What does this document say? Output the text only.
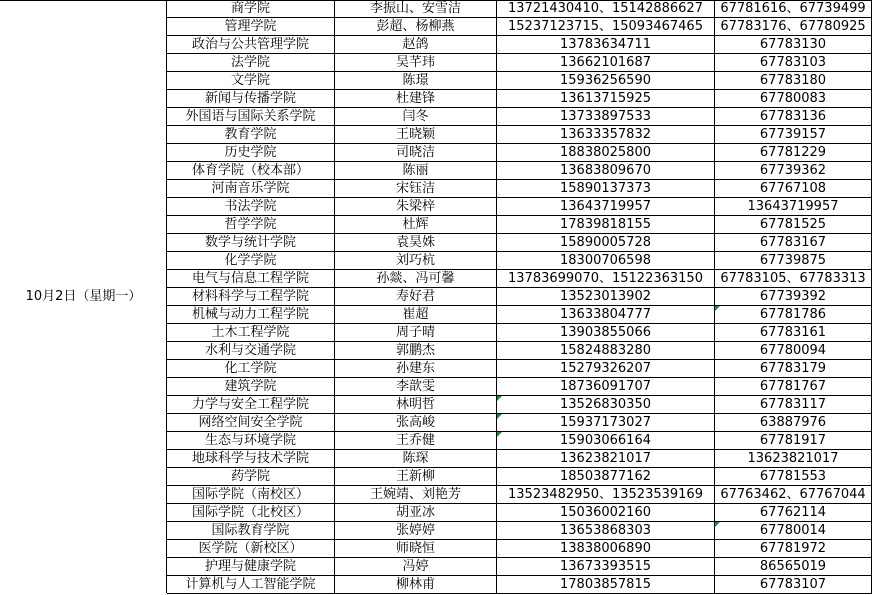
10月2日（星期一）	商学院	李振山、安雪洁	13721430410、15142886627	67781616、67739499
	管理学院	彭超、杨柳燕	15237123715、15093467465	67783176、67780925
	政治与公共管理学院	赵鸽	13783634711	67783130
	法学院	吴芊玮	13662101687	67783103
	文学院	陈璟	15936256590	67783180
	新闻与传播学院	杜建锋	13613715925	67780083
	外国语与国际关系学院	闫冬	13733897533	67783136
	教育学院	王晓颖	13633357832	67739157
	历史学院	司晓洁	18838025800	67781229
	体育学院（校本部）	陈丽	13683809670	67739362
	河南音乐学院	宋钰洁	15890137373	67767108
	书法学院	朱梁梓	13643719957	13643719957
	哲学学院	杜辉	17839818155	67781525
	数学与统计学院	袁昊姝	15890005728	67783167
	化学学院	刘巧杭	18300706598	67739875
	电气与信息工程学院	孙燚、冯可馨	13783699070、15122363150	67783105、67783313
	材料科学与工程学院	寿好君	13523013902	67739392
	机械与动力工程学院	崔超	13633804777	67781786

	土木工程学院	周子晴	13903855066	67783161
	水利与交通学院	郭鹏杰	15824883280	67780094
	化工学院	孙建东	15279326207	67783179
	建筑学院	李歆雯	18736091707	67781767
	力学与安全工程学院	林明哲	13526830350	67783117
	网络空间安全学院	张高峻	15937173027	63887976
	生态与环境学院	王乔健	15903066164	67781917
	地球科学与技术学院	陈琛	13623821017	13623821017
	药学院	王新柳	18503877162	67781553
	国际学院（南校区）	王婉靖、刘艳芳	13523482950、13523539169	67763462、67767044
	国际学院（北校区）	胡亚冰	15036002160	67762114
	国际教育学院	张婷婷	13653868303	67780014

	医学院（新校区）	师晓恒	13838006890	67781972
	护理与健康学院	冯婷	13673393515	86565019
	计算机与人工智能学院	柳林甫	17803857815	67783107
